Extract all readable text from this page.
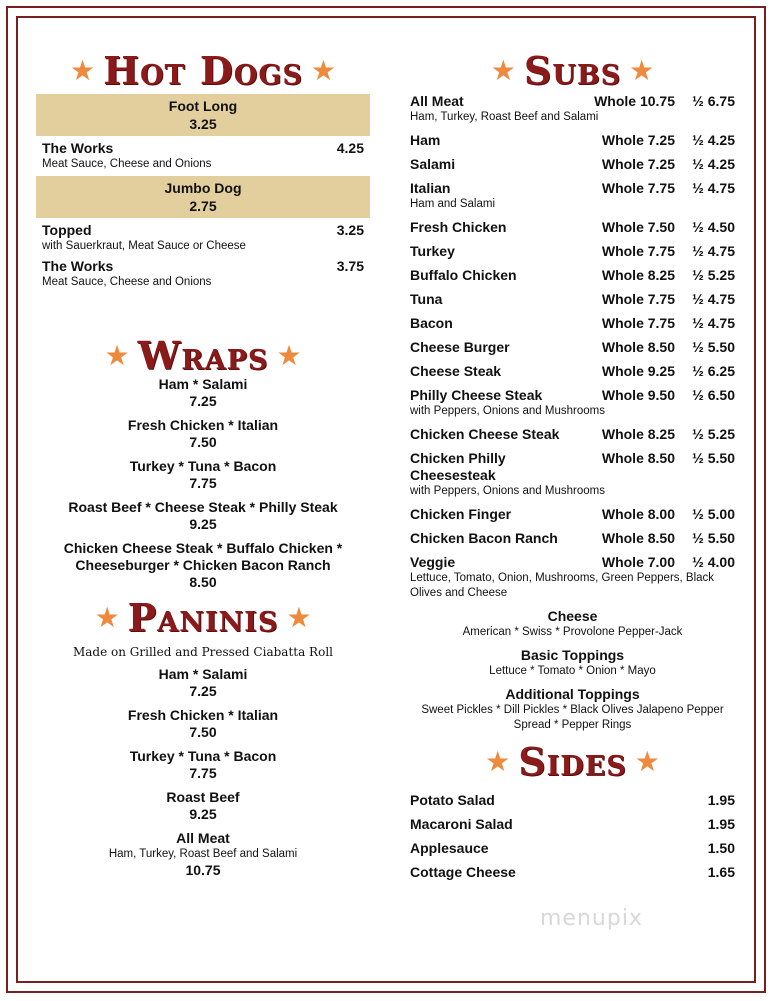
★ Hot Dogs ★
Foot Long
3.25
The Works	4.25
Meat Sauce, Cheese and Onions
Jumbo Dog
2.75
Topped	3.25
with Sauerkraut, Meat Sauce or Cheese
The Works	3.75
Meat Sauce, Cheese and Onions
★ Wraps ★
Ham * Salami
7.25
Fresh Chicken * Italian
7.50
Turkey * Tuna * Bacon
7.75
Roast Beef * Cheese Steak * Philly Steak
9.25
Chicken Cheese Steak * Buffalo Chicken * Cheeseburger * Chicken Bacon Ranch
8.50
★ Paninis ★
Made on Grilled and Pressed Ciabatta Roll
Ham * Salami
7.25
Fresh Chicken * Italian
7.50
Turkey * Tuna * Bacon
7.75
Roast Beef
9.25
All Meat
Ham, Turkey, Roast Beef and Salami
10.75
★ Subs ★
All Meat	Whole 10.75	½ 6.75
Ham, Turkey, Roast Beef and Salami
Ham	Whole 7.25	½ 4.25
Salami	Whole 7.25	½ 4.25
Italian	Whole 7.75	½ 4.75
Ham and Salami
Fresh Chicken	Whole 7.50	½ 4.50
Turkey	Whole 7.75	½ 4.75
Buffalo Chicken	Whole 8.25	½ 5.25
Tuna	Whole 7.75	½ 4.75
Bacon	Whole 7.75	½ 4.75
Cheese Burger	Whole 8.50	½ 5.50
Cheese Steak	Whole 9.25	½ 6.25
Philly Cheese Steak	Whole 9.50	½ 6.50
with Peppers, Onions and Mushrooms
Chicken Cheese Steak	Whole 8.25	½ 5.25
Chicken Philly Cheesesteak
Whole 8.50	½ 5.50
with Peppers, Onions and Mushrooms
Chicken Finger	Whole 8.00	½ 5.00
Chicken Bacon Ranch	Whole 8.50	½ 5.50
Veggie	Whole 7.00	½ 4.00
Lettuce, Tomato, Onion, Mushrooms, Green Peppers, Black Olives and Cheese
Cheese
American * Swiss * Provolone Pepper-Jack
Basic Toppings
Lettuce * Tomato * Onion * Mayo
Additional Toppings
Sweet Pickles * Dill Pickles * Black Olives Jalapeno Pepper Spread * Pepper Rings
★ Sides ★
Potato Salad	1.95
Macaroni Salad	1.95
Applesauce	1.50
Cottage Cheese	1.65
menupix
